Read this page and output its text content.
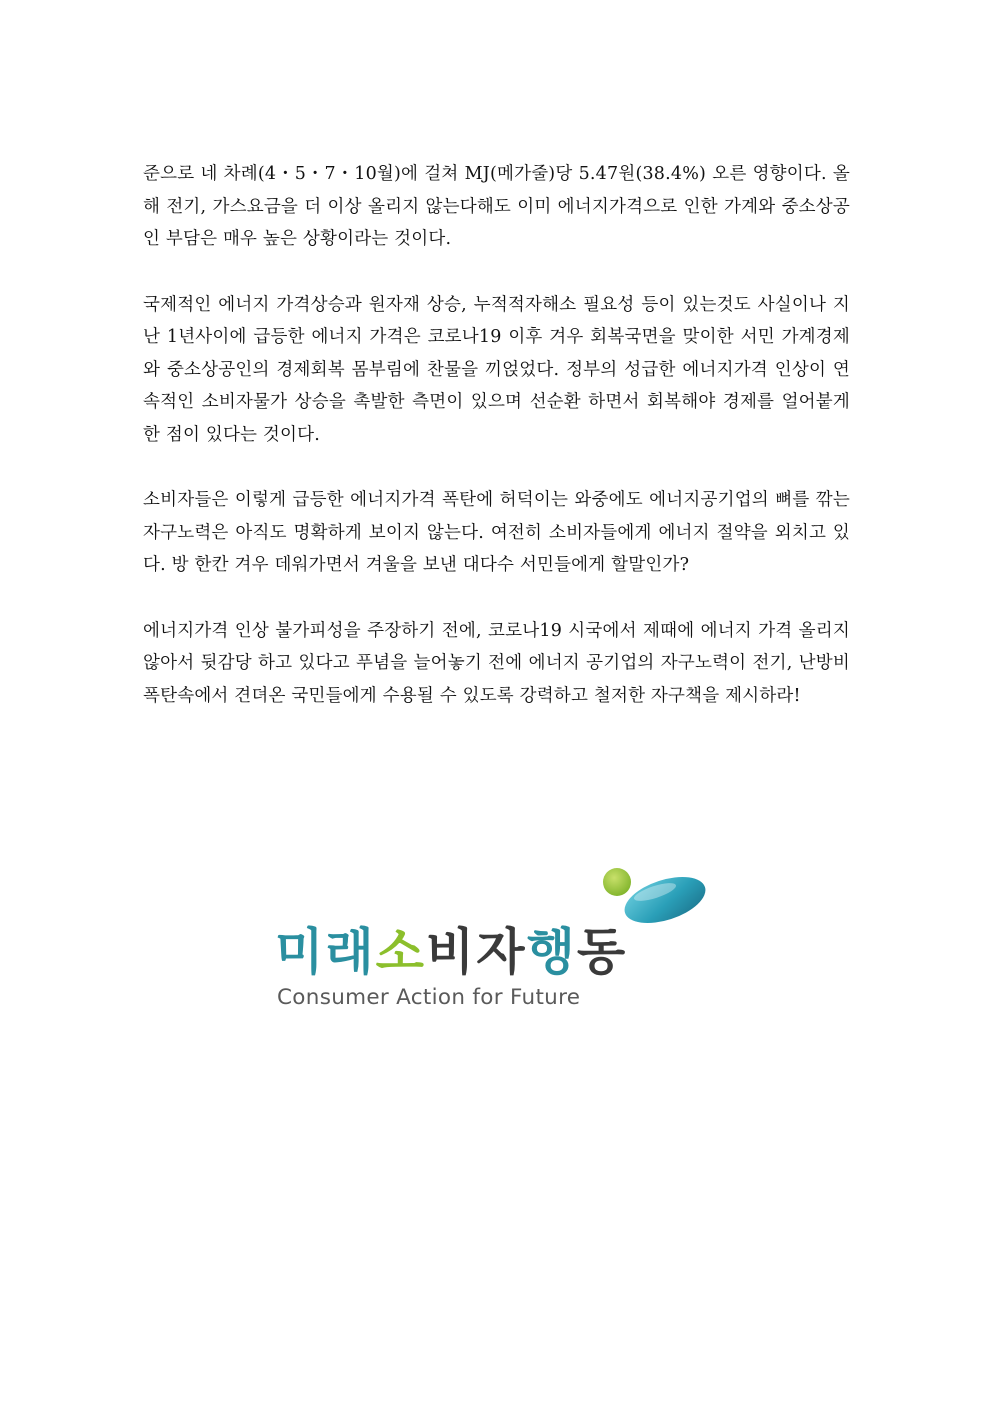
준으로 네 차례(4・5・7・10월)에 걸쳐 MJ(메가줄)당 5.47원(38.4%) 오른 영향이다. 올해 전기, 가스요금을 더 이상 올리지 않는다해도 이미 에너지가격으로 인한 가계와 중소상공인 부담은 매우 높은 상황이라는 것이다.

국제적인 에너지 가격상승과 원자재 상승, 누적적자해소 필요성 등이 있는것도 사실이나 지난 1년사이에 급등한 에너지 가격은 코로나19 이후 겨우 회복국면을 맞이한 서민 가계경제와 중소상공인의 경제회복 몸부림에 찬물을 끼얹었다. 정부의 성급한 에너지가격 인상이 연속적인 소비자물가 상승을 촉발한 측면이 있으며 선순환 하면서 회복해야 경제를 얼어붙게 한 점이 있다는 것이다.

소비자들은 이렇게 급등한 에너지가격 폭탄에 허덕이는 와중에도 에너지공기업의 뼈를 깎는 자구노력은 아직도 명확하게 보이지 않는다. 여전히 소비자들에게 에너지 절약을 외치고 있다. 방 한칸 겨우 데워가면서 겨울을 보낸 대다수 서민들에게 할말인가?

에너지가격 인상 불가피성을 주장하기 전에, 코로나19 시국에서 제때에 에너지 가격 올리지 않아서 뒷감당 하고 있다고 푸념을 늘어놓기 전에 에너지 공기업의 자구노력이 전기, 난방비 폭탄속에서 견뎌온 국민들에게 수용될 수 있도록 강력하고 철저한 자구책을 제시하라!

미래소비자행동
Consumer Action for Future
